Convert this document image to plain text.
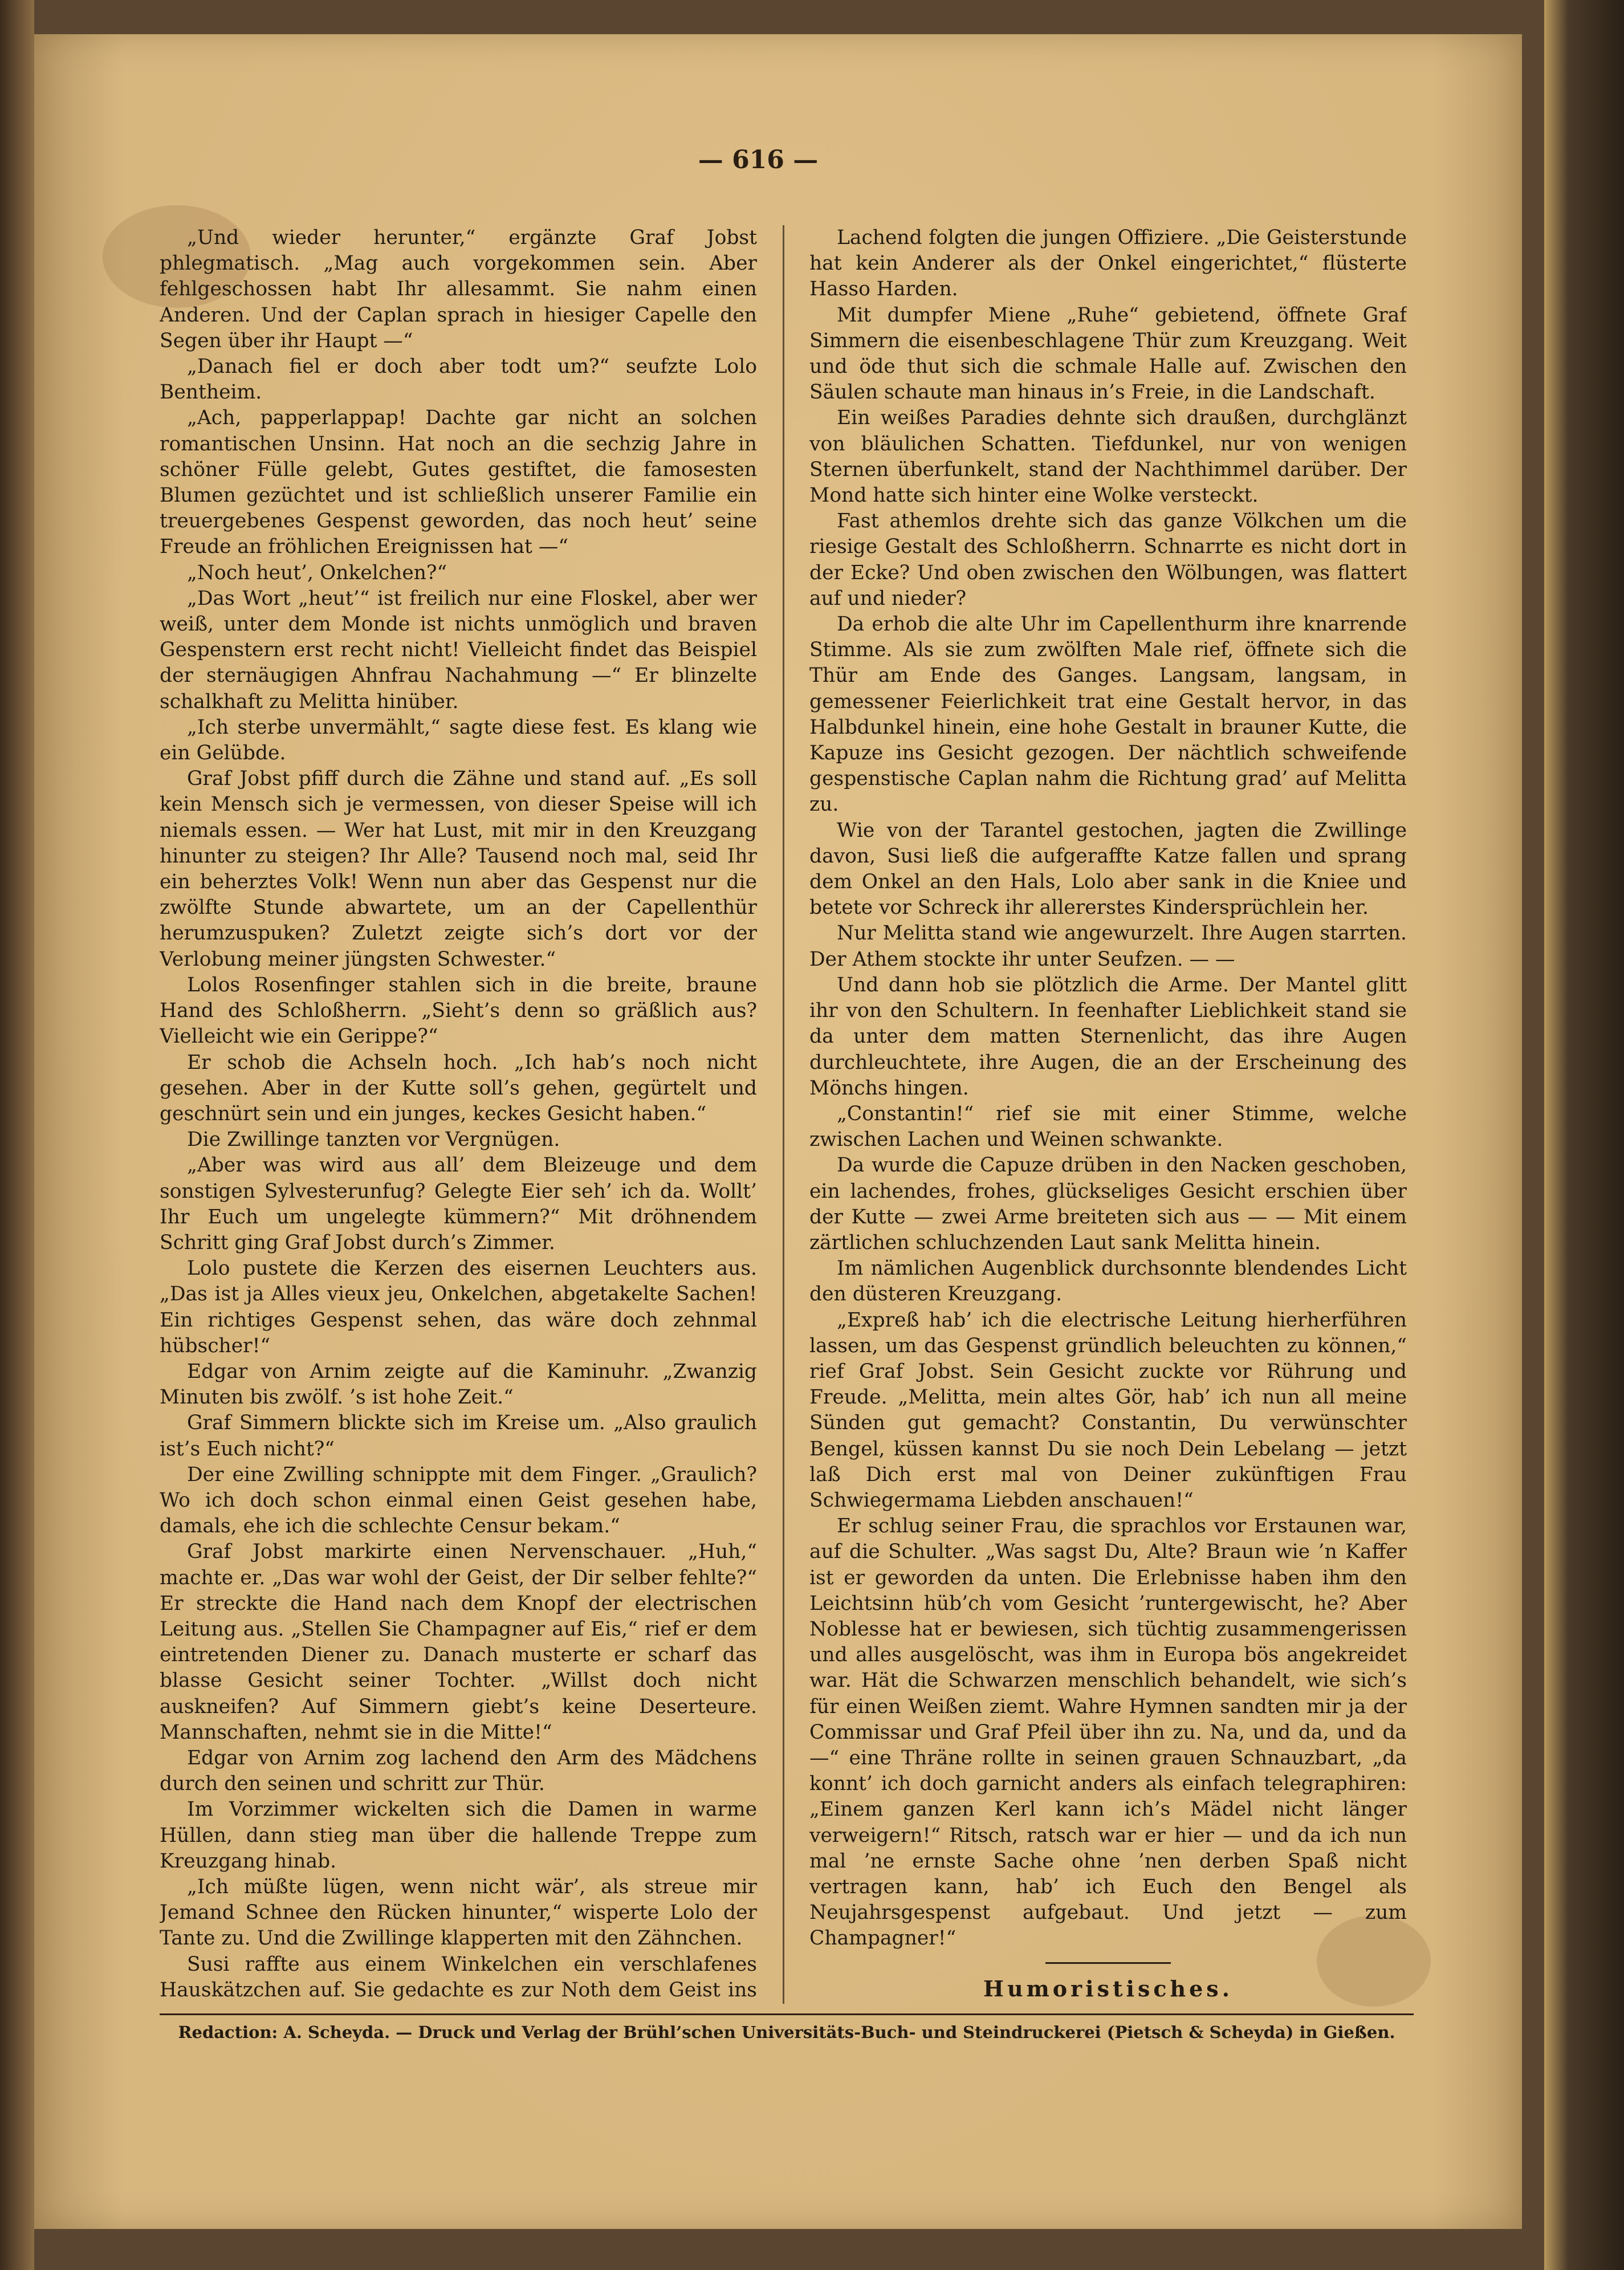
— 616 —

„Und wieder herunter,“ ergänzte Graf Jobst phlegmatisch. „Mag auch vorgekommen sein. Aber fehlgeschossen habt Ihr allesammt. Sie nahm einen Anderen. Und der Caplan sprach in hiesiger Capelle den Segen über ihr Haupt —“

„Danach fiel er doch aber todt um?“ seufzte Lolo Bentheim.

„Ach, papperlappap! Dachte gar nicht an solchen romantischen Unsinn. Hat noch an die sechzig Jahre in schöner Fülle gelebt, Gutes gestiftet, die famosesten Blumen gezüchtet und ist schließlich unserer Familie ein treuergebenes Gespenst geworden, das noch heut’ seine Freude an fröhlichen Ereignissen hat —“

„Noch heut’, Onkelchen?“

„Das Wort „heut’“ ist freilich nur eine Floskel, aber wer weiß, unter dem Monde ist nichts unmöglich und braven Gespenstern erst recht nicht! Vielleicht findet das Beispiel der sternäugigen Ahnfrau Nachahmung —“ Er blinzelte schalkhaft zu Melitta hinüber.

„Ich sterbe unvermählt,“ sagte diese fest. Es klang wie ein Gelübde.

Graf Jobst pfiff durch die Zähne und stand auf. „Es soll kein Mensch sich je vermessen, von dieser Speise will ich niemals essen. — Wer hat Lust, mit mir in den Kreuzgang hinunter zu steigen? Ihr Alle? Tausend noch mal, seid Ihr ein beherztes Volk! Wenn nun aber das Gespenst nur die zwölfte Stunde abwartete, um an der Capellenthür herumzuspuken? Zuletzt zeigte sich’s dort vor der Verlobung meiner jüngsten Schwester.“

Lolos Rosenfinger stahlen sich in die breite, braune Hand des Schloßherrn. „Sieht’s denn so gräßlich aus? Vielleicht wie ein Gerippe?“

Er schob die Achseln hoch. „Ich hab’s noch nicht gesehen. Aber in der Kutte soll’s gehen, gegürtelt und geschnürt sein und ein junges, keckes Gesicht haben.“

Die Zwillinge tanzten vor Vergnügen.

„Aber was wird aus all’ dem Bleizeuge und dem sonstigen Sylvesterunfug? Gelegte Eier seh’ ich da. Wollt’ Ihr Euch um ungelegte kümmern?“ Mit dröhnendem Schritt ging Graf Jobst durch’s Zimmer.

Lolo pustete die Kerzen des eisernen Leuchters aus. „Das ist ja Alles vieux jeu, Onkelchen, abgetakelte Sachen! Ein richtiges Gespenst sehen, das wäre doch zehnmal hübscher!“

Edgar von Arnim zeigte auf die Kaminuhr. „Zwanzig Minuten bis zwölf. ’s ist hohe Zeit.“

Graf Simmern blickte sich im Kreise um. „Also graulich ist’s Euch nicht?“

Der eine Zwilling schnippte mit dem Finger. „Graulich? Wo ich doch schon einmal einen Geist gesehen habe, damals, ehe ich die schlechte Censur bekam.“

Graf Jobst markirte einen Nervenschauer. „Huh,“ machte er. „Das war wohl der Geist, der Dir selber fehlte?“ Er streckte die Hand nach dem Knopf der electrischen Leitung aus. „Stellen Sie Champagner auf Eis,“ rief er dem eintretenden Diener zu. Danach musterte er scharf das blasse Gesicht seiner Tochter. „Willst doch nicht auskneifen? Auf Simmern giebt’s keine Deserteure. Mannschaften, nehmt sie in die Mitte!“

Edgar von Arnim zog lachend den Arm des Mädchens durch den seinen und schritt zur Thür.

Im Vorzimmer wickelten sich die Damen in warme Hüllen, dann stieg man über die hallende Treppe zum Kreuzgang hinab.

„Ich müßte lügen, wenn nicht wär’, als streue mir Jemand Schnee den Rücken hinunter,“ wisperte Lolo der Tante zu. Und die Zwillinge klapperten mit den Zähnchen.

Susi raffte aus einem Winkelchen ein verschlafenes Hauskätzchen auf. Sie gedachte es zur Noth dem Geist ins

Lachend folgten die jungen Offiziere. „Die Geisterstunde hat kein Anderer als der Onkel eingerichtet,“ flüsterte Hasso Harden.

Mit dumpfer Miene „Ruhe“ gebietend, öffnete Graf Simmern die eisenbeschlagene Thür zum Kreuzgang. Weit und öde thut sich die schmale Halle auf. Zwischen den Säulen schaute man hinaus in’s Freie, in die Landschaft.

Ein weißes Paradies dehnte sich draußen, durchglänzt von bläulichen Schatten. Tiefdunkel, nur von wenigen Sternen überfunkelt, stand der Nachthimmel darüber. Der Mond hatte sich hinter eine Wolke versteckt.

Fast athemlos drehte sich das ganze Völkchen um die riesige Gestalt des Schloßherrn. Schnarrte es nicht dort in der Ecke? Und oben zwischen den Wölbungen, was flattert auf und nieder?

Da erhob die alte Uhr im Capellenthurm ihre knarrende Stimme. Als sie zum zwölften Male rief, öffnete sich die Thür am Ende des Ganges. Langsam, langsam, in gemessener Feierlichkeit trat eine Gestalt hervor, in das Halbdunkel hinein, eine hohe Gestalt in brauner Kutte, die Kapuze ins Gesicht gezogen. Der nächtlich schweifende gespenstische Caplan nahm die Richtung grad’ auf Melitta zu.

Wie von der Tarantel gestochen, jagten die Zwillinge davon, Susi ließ die aufgeraffte Katze fallen und sprang dem Onkel an den Hals, Lolo aber sank in die Kniee und betete vor Schreck ihr allererstes Kindersprüchlein her.

Nur Melitta stand wie angewurzelt. Ihre Augen starrten. Der Athem stockte ihr unter Seufzen. — —

Und dann hob sie plötzlich die Arme. Der Mantel glitt ihr von den Schultern. In feenhafter Lieblichkeit stand sie da unter dem matten Sternenlicht, das ihre Augen durchleuchtete, ihre Augen, die an der Erscheinung des Mönchs hingen.

„Constantin!“ rief sie mit einer Stimme, welche zwischen Lachen und Weinen schwankte.

Da wurde die Capuze drüben in den Nacken geschoben, ein lachendes, frohes, glückseliges Gesicht erschien über der Kutte — zwei Arme breiteten sich aus — — Mit einem zärtlichen schluchzenden Laut sank Melitta hinein.

Im nämlichen Augenblick durchsonnte blendendes Licht den düsteren Kreuzgang.

„Expreß hab’ ich die electrische Leitung hierherführen lassen, um das Gespenst gründlich beleuchten zu können,“ rief Graf Jobst. Sein Gesicht zuckte vor Rührung und Freude. „Melitta, mein altes Gör, hab’ ich nun all meine Sünden gut gemacht? Constantin, Du verwünschter Bengel, küssen kannst Du sie noch Dein Lebelang — jetzt laß Dich erst mal von Deiner zukünftigen Frau Schwiegermama Liebden anschauen!“

Er schlug seiner Frau, die sprachlos vor Erstaunen war, auf die Schulter. „Was sagst Du, Alte? Braun wie ’n Kaffer ist er geworden da unten. Die Erlebnisse haben ihm den Leichtsinn hüb’ch vom Gesicht ’runtergewischt, he? Aber Noblesse hat er bewiesen, sich tüchtig zusammengerissen und alles ausgelöscht, was ihm in Europa bös angekreidet war. Hät die Schwarzen menschlich behandelt, wie sich’s für einen Weißen ziemt. Wahre Hymnen sandten mir ja der Commissar und Graf Pfeil über ihn zu. Na, und da, und da —“ eine Thräne rollte in seinen grauen Schnauzbart, „da konnt’ ich doch garnicht anders als einfach telegraphiren: „Einem ganzen Kerl kann ich’s Mädel nicht länger verweigern!“ Ritsch, ratsch war er hier — und da ich nun mal ’ne ernste Sache ohne ’nen derben Spaß nicht vertragen kann, hab’ ich Euch den Bengel als Neujahrsgespenst aufgebaut. Und jetzt — zum Champagner!“

Humoristisches.

Redaction: A. Scheyda. — Druck und Verlag der Brühl’schen Universitäts-Buch- und Steindruckerei (Pietsch & Scheyda) in Gießen.
